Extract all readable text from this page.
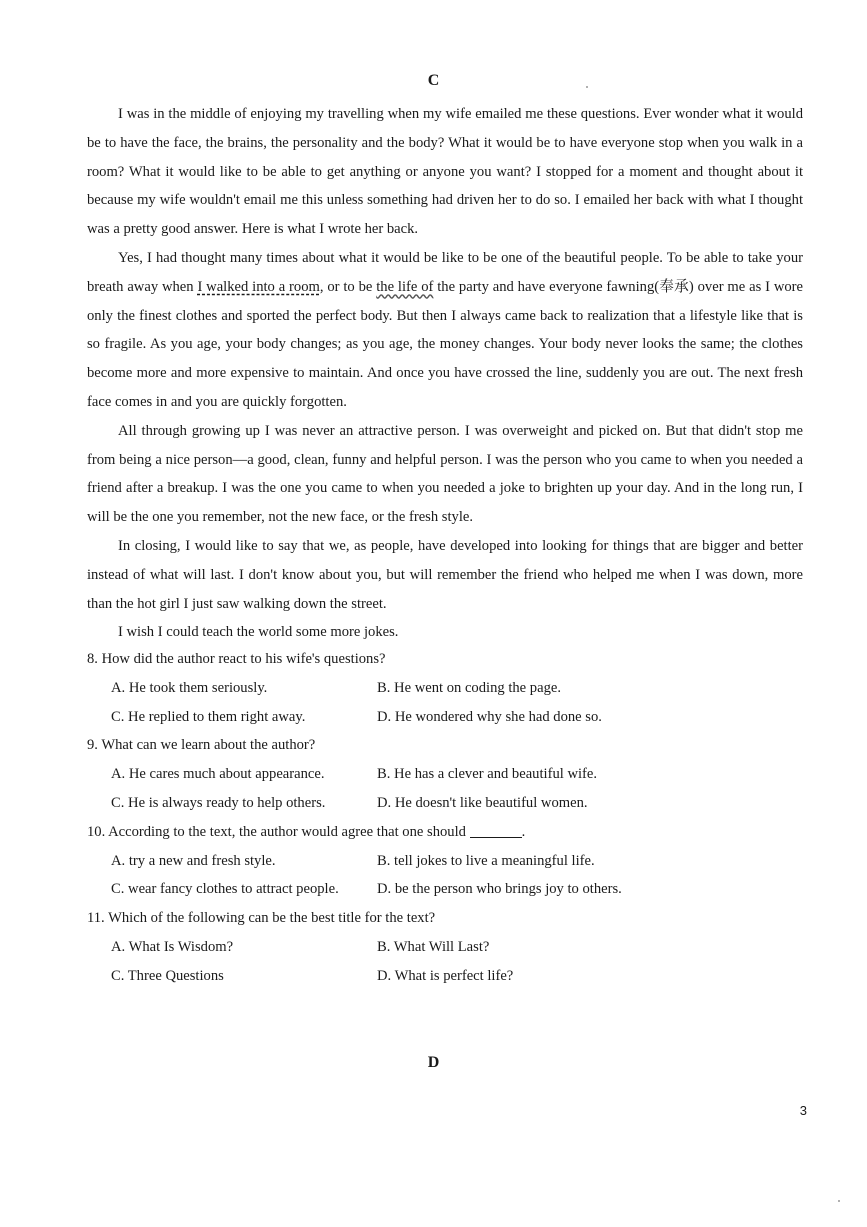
C

I was in the middle of enjoying my travelling when my wife emailed me these questions. Ever wonder what it would be to have the face, the brains, the personality and the body? What it would be to have everyone stop when you walk in a room? What it would like to be able to get anything or anyone you want? I stopped for a moment and thought about it because my wife wouldn't email me this unless something had driven her to do so. I emailed her back with what I thought was a pretty good answer. Here is what I wrote her back.

Yes, I had thought many times about what it would be like to be one of the beautiful people. To be able to take your breath away when I walked into a room, or to be the life of the party and have everyone fawning(奉承) over me as I wore only the finest clothes and sported the perfect body. But then I always came back to realization that a lifestyle like that is so fragile. As you age, your body changes; as you age, the money changes. Your body never looks the same; the clothes become more and more expensive to maintain. And once you have crossed the line, suddenly you are out. The next fresh face comes in and you are quickly forgotten.

All through growing up I was never an attractive person. I was overweight and picked on. But that didn't stop me from being a nice person—a good, clean, funny and helpful person. I was the person who you came to when you needed a friend after a breakup. I was the one you came to when you needed a joke to brighten up your day. And in the long run, I will be the one you remember, not the new face, or the fresh style.

In closing, I would like to say that we, as people, have developed into looking for things that are bigger and better instead of what will last. I don't know about you, but will remember the friend who helped me when I was down, more than the hot girl I just saw walking down the street.

I wish I could teach the world some more jokes.

8. How did the author react to his wife's questions?
A. He took them seriously.	B. He went on coding the page.
C. He replied to them right away.	D. He wondered why she had done so.
9. What can we learn about the author?
A. He cares much about appearance.	B. He has a clever and beautiful wife.
C. He is always ready to help others.	D. He doesn't like beautiful women.
10. According to the text, the author would agree that one should	.
A. try a new and fresh style.	B. tell jokes to live a meaningful life.
C. wear fancy clothes to attract people.	D. be the person who brings joy to others.
11. Which of the following can be the best title for the text?
A. What Is Wisdom?	B. What Will Last?
C. Three Questions	D. What is perfect life?
D
3
